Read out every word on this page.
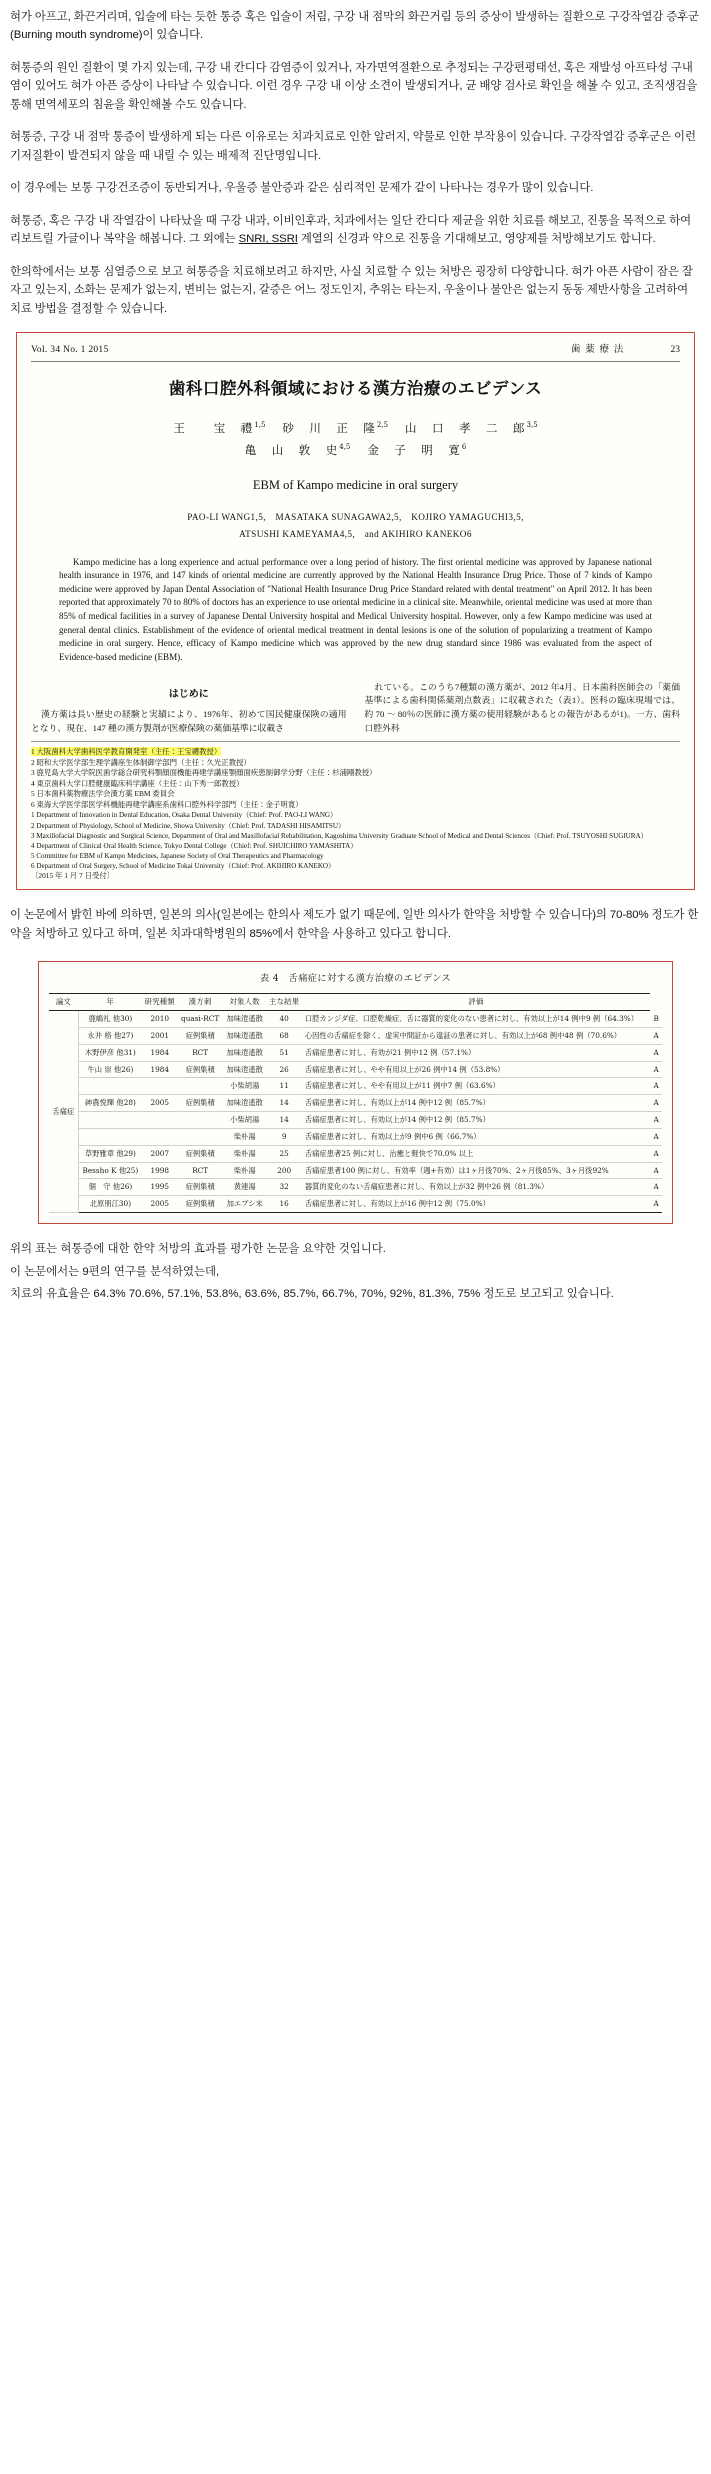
혀가 아프고, 화끈거리며, 입술에 타는 듯한 통증 혹은 입술이 저림, 구강 내 점막의 화끈거림 등의 증상이 발생하는 질환으로 구강작열감 증후군(Burning mouth syndrome)이 있습니다.

혀통증의 원인 질환이 몇 가지 있는데, 구강 내 칸디다 감염증이 있거나, 자가면역절환으로 추정되는 구강편평태선, 혹은 재발성 아프타성 구내염이 있어도 혀가 아픈 증상이 나타날 수 있습니다. 이런 경우 구강 내 이상 소견이 발생되거나, 균 배양 검사로 확인을 해볼 수 있고, 조직생검을 통해 면역세포의 침윤을 확인해볼 수도 있습니다.

혀통증, 구강 내 점막 통증이 발생하게 되는 다른 이유로는 치과치료로 인한 알러지, 약물로 인한 부작용이 있습니다. 구강작열감 증후군은 이런 기저질환이 발견되지 않을 때 내릴 수 있는 배제적 진단명입니다.

이 경우에는 보통 구강건조증이 동반되거나, 우울증 불안증과 같은 심리적인 문제가 같이 나타나는 경우가 많이 있습니다.

혀통증, 혹은 구강 내 작열감이 나타났을 때 구강 내과, 이비인후과, 치과에서는 일단 칸디다 제균을 위한 치료를 해보고, 진통을 목적으로 하여 리보트릴 가글이나 복약을 해봅니다. 그 외에는 SNRI, SSRI 계열의 신경과 약으로 진통을 기대해보고, 영양제를 처방해보기도 합니다.

한의학에서는 보통 심열증으로 보고 혀통증을 치료해보려고 하지만, 사실 치료할 수 있는 처방은 굉장히 다양합니다. 혀가 아픈 사람이 잠은 잘 자고 있는지, 소화는 문제가 없는지, 변비는 없는지, 갈증은 어느 정도인지, 추위는 타는지, 우울이나 불안은 없는지 동동 제반사항을 고려하여 치료 방법을 결정할 수 있습니다.

Vol. 34 No. 1 2015	歯 薬 療 法	23
歯科口腔外科領域における漢方治療のエビデンス
王　　宝　禮$^{1,5}$ 砂　川　正　隆$^{2,5}$ 山　口　孝　二　郎$^{3,5}$
亀　山　敦　史$^{4,5}$ 金　子　明　寛$^6$
EBM of Kampo medicine in oral surgery
PAO-LI WANG1,5,　MASATAKA SUNAGAWA2,5,　KOJIRO YAMAGUCHI3,5,
ATSUSHI KAMEYAMA4,5,　and AKIHIRO KANEKO6
Kampo medicine has a long experience and actual performance over a long period of history. The first oriental medicine was approved by Japanese national health insurance in 1976, and 147 kinds of oriental medicine are currently approved by the National Health Insurance Drug Price. Those of 7 kinds of Kampo medicine were approved by Japan Dental Association of "National Health Insurance Drug Price Standard related with dental treatment" on April 2012. It has been reported that approximately 70 to 80% of doctors has an experience to use oriental medicine in a clinical site. Meanwhile, oriental medicine was used at more than 85% of medical facilities in a survey of Japanese Dental University hospital and Medical University hospital. However, only a few Kampo medicine was used at general dental clinics. Establishment of the evidence of oriental medical treatment in dental lesions is one of the solution of popularizing a treatment of Kampo medicine in oral surgery. Hence, efficacy of Kampo medicine which was approved by the new drug standard since 1986 was evaluated from the aspect of Evidence-based medicine (EBM).
はじめに

漢方薬は長い歴史の経験と実績により、1976年、初めて国民健康保険の適用となり、現在、147 種の漢方製剤が医療保険の薬価基準に収載さ

れている。このうち7種類の漢方薬が、2012 年4月、日本歯科医師会の「薬価基準による歯科関係薬剤点数表」に収載された（表1）。医科の臨床現場では、約 70 〜 80％の医師に漢方薬の使用経験があるとの報告があるが1)。一方、歯科口腔外科

1 大阪歯科大学歯科医学教育開発室（主任：王宝禮教授）
2 昭和大学医学部生理学講座生体制御学部門（主任：久光正教授）
3 鹿児島大学大学院医歯学総合研究科顎顔面機能再建学講座顎顔面疾患制御学分野（主任：杉浦剛教授）
4 東京歯科大学口腔健康臨床科学講座（主任：山下秀一郎教授）
5 日本歯科薬物療法学会漢方薬 EBM 委員会
6 東海大学医学部医学科機能再建学講座系歯科口腔外科学部門（主任：金子明寛）
1 Department of Innovation in Dental Education, Osaka Dental University（Chief: Prof. PAO-LI WANG）
2 Department of Physiology, School of Medicine, Showa University（Chief: Prof. TADASHI HISAMITSU）
3 Maxillofacial Diagnostic and Surgical Science, Department of Oral and Maxillofacial Rehabilitation, Kagoshima University Graduate School of Medical and Dental Sciences（Chief: Prof. TSUYOSHI SUGIURA）
4 Department of Clinical Oral Health Science, Tokyo Dental College（Chief: Prof. SHUICHIRO YAMASHITA）
5 Committee for EBM of Kampo Medicines, Japanese Society of Oral Therapeutics and Pharmacology
6 Department of Oral Surgery, School of Medicine Tokai University（Chief: Prof. AKIHIRO KANEKO）
〔2015 年 1 月 7 日受付〕

이 논문에서 밝힌 바에 의하면, 일본의 의사(일본에는 한의사 제도가 없기 때문에, 일반 의사가 한약을 처방할 수 있습니다)의 70-80% 정도가 한약을 처방하고 있다고 하며, 일본 치과대학병원의 85%에서 한약을 사용하고 있다고 합니다.

表 4　舌痛症に対する漢方治療のエビデンス
論文	年	研究種類	漢方刺	対象人数	主な結果	評価	
舌痛症	鹿嶋礼 他30)	2010	quasi-RCT	加味逍遙散	40	口腔カンジダ症、口腔乾燥症、舌に器質的変化のない患者に対し、有効以上が14 例中9 例（64.3%）	B
	永井 格 他27)	2001	症例集積	加味逍遙散	68	心因性の舌痛症を除く、虚実中間証から違証の患者に対し、有効以上が68 例中48 例（70.6%）	A
	木野伊彦 他31)	1984	RCT	加味逍遙散	51	舌痛症患者に対し、有効が21 例中12 例（57.1%）	A
	牛山 崇 他26)	1984	症例集積	加味逍遙散	26	舌痛症患者に対し、やや有用以上が26 例中14 例（53.8%）	A
				小柴胡湯	11	舌痛症患者に対し、やや有用以上が11 例中7 例（63.6%）	A
	神農悦輝 他28)	2005	症例集積	加味逍遙散	14	舌痛症患者に対し、有効以上が14 例中12 例（85.7%）	A
				小柴胡湯	14	舌痛症患者に対し、有効以上が14 例中12 例（85.7%）	A
				柴朴湯	9	舌痛症患者に対し、有効以上が9 例中6 例（66.7%）	A
	草野雅章 他29)	2007	症例集積	柴朴湯	25	舌痛症患者25 例に対し、治癒と軽快で70.0% 以上	A
	Bessho K 他25)	1998	RCT	柴朴湯	200	舌痛症患者100 例に対し、有効率（週+有効）は1ヶ月後70%、2ヶ月後85%、3ヶ月後92%	A
	個　守 他26)	1995	症例集積	黄連湯	32	器質的変化のない舌痛症患者に対し、有効以上が32 例中26 例（81.3%）	A
	北原朋江30)	2005	症例集積	加エブシ末	16	舌痛症患者に対し、有効以上が16 例中12 例（75.0%）	A

위의 표는 혀통증에 대한 한약 처방의 효과를 평가한 논문을 요약한 것입니다.

이 논문에서는 9편의 연구를 분석하였는데,

치료의 유효율은 64.3% 70.6%, 57.1%, 53.8%, 63.6%, 85.7%, 66.7%, 70%, 92%, 81.3%, 75% 정도로 보고되고 있습니다.
